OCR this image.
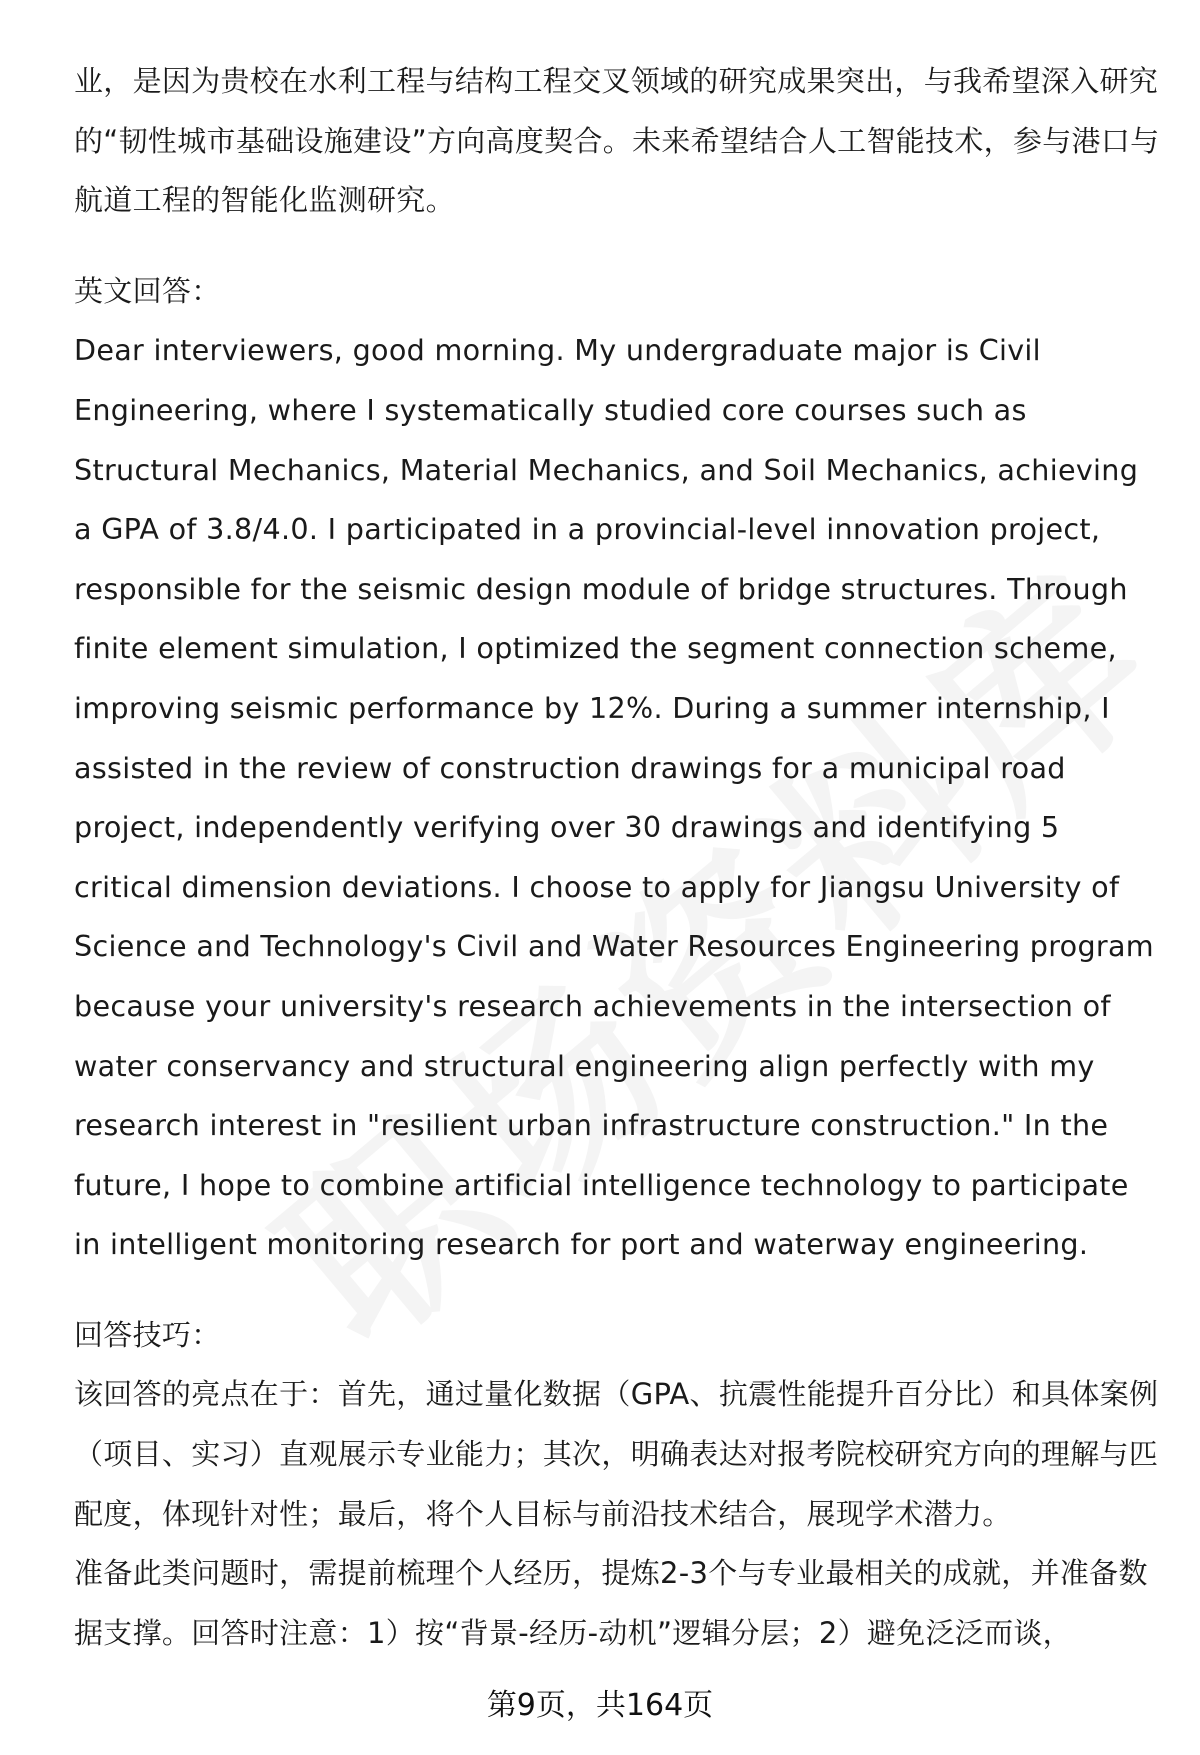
业，是因为贵校在水利工程与结构工程交叉领域的研究成果突出，与我希望深入研究的“韧性城市基础设施建设”方向高度契合。未来希望结合人工智能技术，参与港口与航道工程的智能化监测研究。

英文回答：

Dear interviewers, good morning. My undergraduate major is Civil Engineering, where I systematically studied core courses such as Structural Mechanics, Material Mechanics, and Soil Mechanics, achieving a GPA of 3.8/4.0. I participated in a provincial-level innovation project, responsible for the seismic design module of bridge structures. Through finite element simulation, I optimized the segment connection scheme, improving seismic performance by 12%. During a summer internship, I assisted in the review of construction drawings for a municipal road project, independently verifying over 30 drawings and identifying 5 critical dimension deviations. I choose to apply for Jiangsu University of Science and Technology's Civil and Water Resources Engineering program because your university's research achievements in the intersection of water conservancy and structural engineering align perfectly with my research interest in "resilient urban infrastructure construction." In the future, I hope to combine artificial intelligence technology to participate in intelligent monitoring research for port and waterway engineering.

回答技巧：

该回答的亮点在于：首先，通过量化数据（GPA、抗震性能提升百分比）和具体案例（项目、实习）直观展示专业能力；其次，明确表达对报考院校研究方向的理解与匹配度，体现针对性；最后，将个人目标与前沿技术结合，展现学术潜力。

准备此类问题时，需提前梳理个人经历，提炼2-3个与专业最相关的成就，并准备数据支撑。回答时注意：1）按“背景-经历-动机”逻辑分层；2）避免泛泛而谈，

第9页，共164页
